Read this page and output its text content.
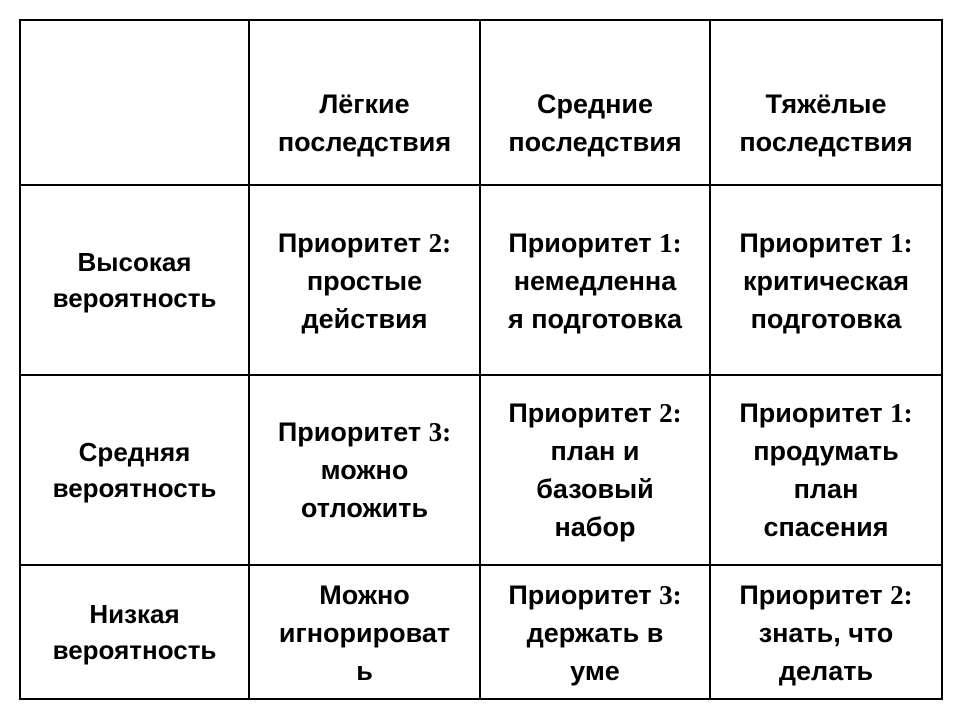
Лёгкие
последствия
Средние
последствия
Тяжёлые
последствия
Высокая
вероятность
Приоритет 2:
простые
действия
Приоритет 1:
немедленна
я подготовка
Приоритет 1:
критическая
подготовка
Средняя
вероятность
Приоритет 3:
можно
отложить
Приоритет 2:
план и
базовый
набор
Приоритет 1:
продумать
план
спасения
Низкая
вероятность
Можно
игнорироват
ь
Приоритет 3:
держать в
уме
Приоритет 2:
знать, что
делать
